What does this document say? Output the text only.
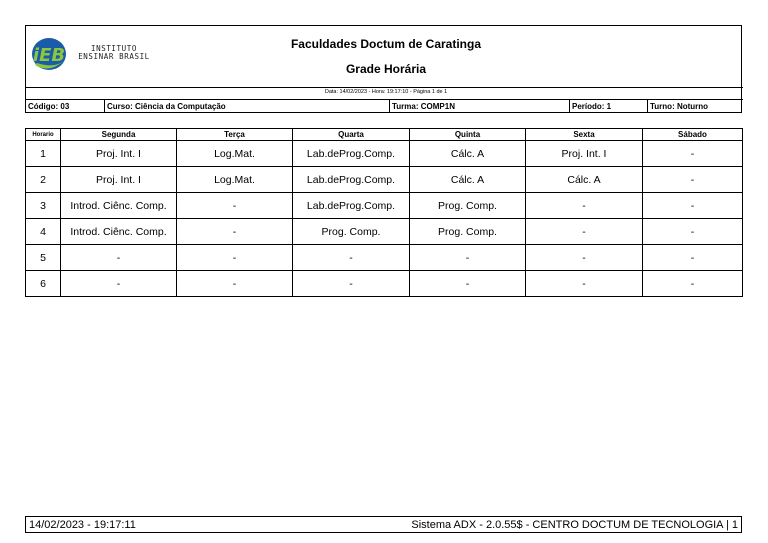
iEB	INSTITUTO
ENSINAR BRASIL
Faculdades Doctum de Caratinga
Grade Horária
Data: 14/02/2023 - Hora: 19:17:10 - Página 1 de 1
Código: 03	Curso: Ciência da Computação	Turma: COMP1N	Período: 1	Turno: Noturno
Horario	Segunda	Terça	Quarta	Quinta	Sexta	Sábado
1	Proj. Int. I	Log.Mat.	Lab.deProg.Comp.	Cálc. A	Proj. Int. I	-
2	Proj. Int. I	Log.Mat.	Lab.deProg.Comp.	Cálc. A	Cálc. A	-
3	Introd. Ciênc. Comp.	-	Lab.deProg.Comp.	Prog. Comp.	-	-
4	Introd. Ciênc. Comp.	-	Prog. Comp.	Prog. Comp.	-	-
5	-	-	-	-	-	-
6	-	-	-	-	-	-
14/02/2023 - 19:17:11	Sistema ADX - 2.0.55$ - CENTRO DOCTUM DE TECNOLOGIA | 1
